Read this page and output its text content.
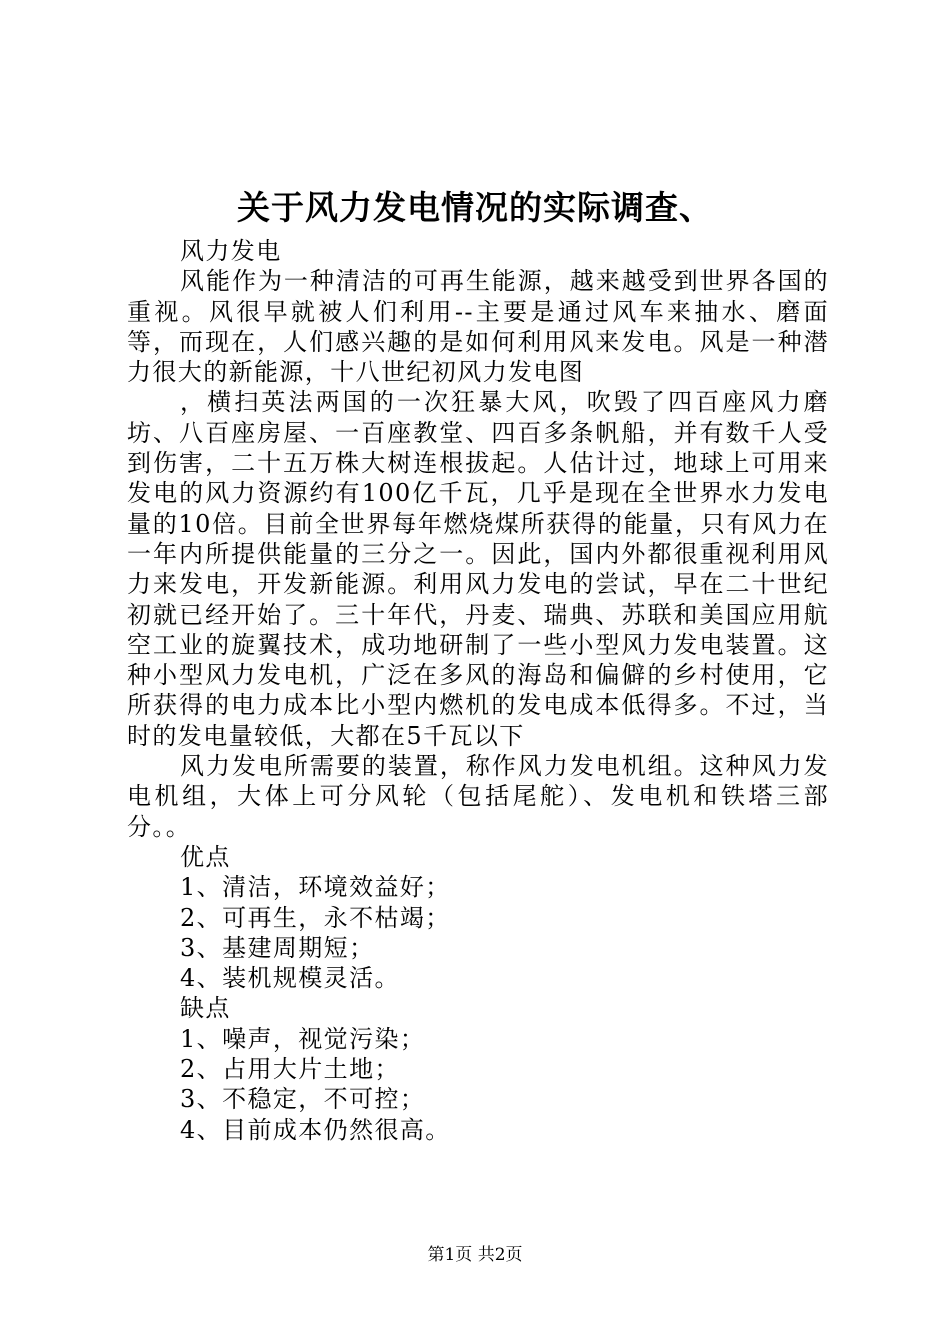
关于风力发电情况的实际调查、

风力发电

风能作为一种清洁的可再生能源，越来越受到世界各国的重视。风很早就被人们利用--主要是通过风车来抽水、磨面等，而现在，人们感兴趣的是如何利用风来发电。风是一种潜力很大的新能源，十八世纪初风力发电图

，横扫英法两国的一次狂暴大风，吹毁了四百座风力磨坊、八百座房屋、一百座教堂、四百多条帆船，并有数千人受到伤害，二十五万株大树连根拔起。人估计过，地球上可用来发电的风力资源约有100亿千瓦，几乎是现在全世界水力发电量的10倍。目前全世界每年燃烧煤所获得的能量，只有风力在一年内所提供能量的三分之一。因此，国内外都很重视利用风力来发电，开发新能源。利用风力发电的尝试，早在二十世纪初就已经开始了。三十年代，丹麦、瑞典、苏联和美国应用航空工业的旋翼技术，成功地研制了一些小型风力发电装置。这种小型风力发电机，广泛在多风的海岛和偏僻的乡村使用，它所获得的电力成本比小型内燃机的发电成本低得多。不过，当时的发电量较低，大都在5千瓦以下

风力发电所需要的装置，称作风力发电机组。这种风力发电机组，大体上可分风轮（包括尾舵）、发电机和铁塔三部分。。

优点

1、清洁，环境效益好；

2、可再生，永不枯竭；

3、基建周期短；

4、装机规模灵活。

缺点

1、噪声，视觉污染；

2、占用大片土地；

3、不稳定，不可控；

4、目前成本仍然很高。

第1页 共2页
